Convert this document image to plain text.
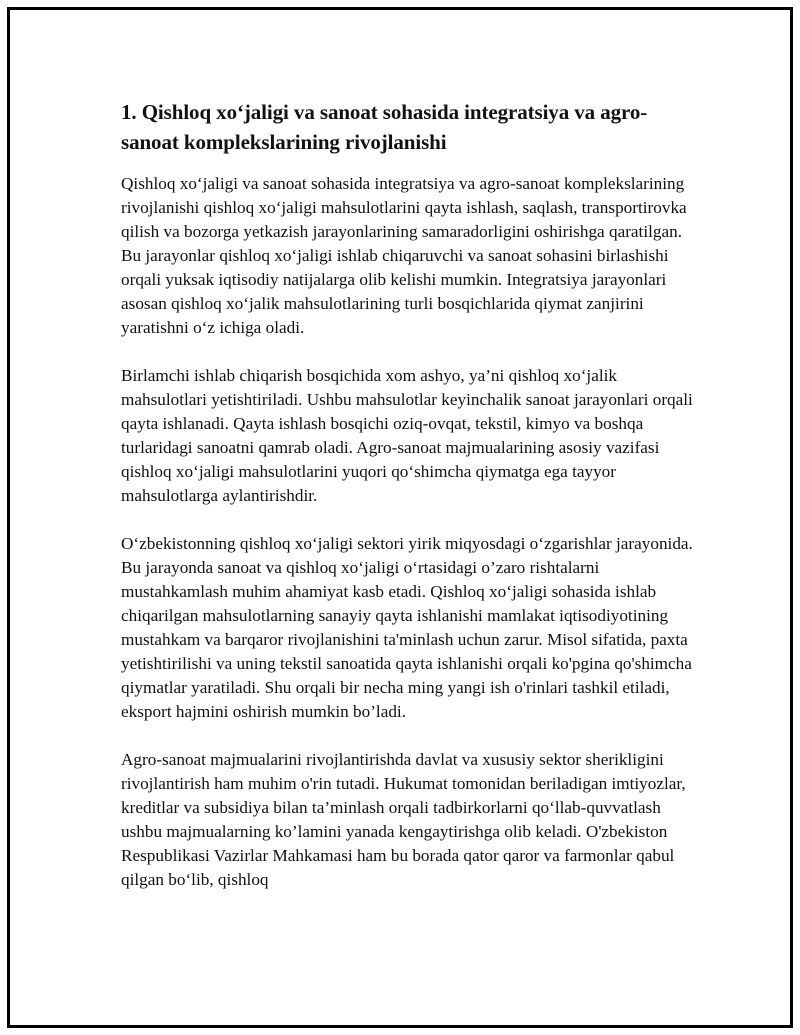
1. Qishloq xo‘jaligi va sanoat sohasida integratsiya va agro-sanoat komplekslarining rivojlanishi

Qishloq xo‘jaligi va sanoat sohasida integratsiya va agro-sanoat komplekslarining rivojlanishi qishloq xo‘jaligi mahsulotlarini qayta ishlash, saqlash, transportirovka qilish va bozorga yetkazish jarayonlarining samaradorligini oshirishga qaratilgan. Bu jarayonlar qishloq xo‘jaligi ishlab chiqaruvchi va sanoat sohasini birlashishi orqali yuksak iqtisodiy natijalarga olib kelishi mumkin. Integratsiya jarayonlari asosan qishloq xo‘jalik mahsulotlarining turli bosqichlarida qiymat zanjirini yaratishni o‘z ichiga oladi.

Birlamchi ishlab chiqarish bosqichida xom ashyo, ya’ni qishloq xo‘jalik mahsulotlari yetishtiriladi. Ushbu mahsulotlar keyinchalik sanoat jarayonlari orqali qayta ishlanadi. Qayta ishlash bosqichi oziq-ovqat, tekstil, kimyo va boshqa turlaridagi sanoatni qamrab oladi. Agro-sanoat majmualarining asosiy vazifasi qishloq xo‘jaligi mahsulotlarini yuqori qo‘shimcha qiymatga ega tayyor mahsulotlarga aylantirishdir.

O‘zbekistonning qishloq xo‘jaligi sektori yirik miqyosdagi o‘zgarishlar jarayonida. Bu jarayonda sanoat va qishloq xo‘jaligi o‘rtasidagi o’zaro rishtalarni mustahkamlash muhim ahamiyat kasb etadi. Qishloq xo‘jaligi sohasida ishlab chiqarilgan mahsulotlarning sanayiy qayta ishlanishi mamlakat iqtisodiyotining mustahkam va barqaror rivojlanishini ta'minlash uchun zarur. Misol sifatida, paxta yetishtirilishi va uning tekstil sanoatida qayta ishlanishi orqali ko'pgina qo'shimcha qiymatlar yaratiladi. Shu orqali bir necha ming yangi ish o'rinlari tashkil etiladi, eksport hajmini oshirish mumkin bo’ladi.

Agro-sanoat majmualarini rivojlantirishda davlat va xususiy sektor sherikligini rivojlantirish ham muhim o'rin tutadi. Hukumat tomonidan beriladigan imtiyozlar, kreditlar va subsidiya bilan ta’minlash orqali tadbirkorlarni qo‘llab-quvvatlash ushbu majmualarning ko’lamini yanada kengaytirishga olib keladi. O'zbekiston Respublikasi Vazirlar Mahkamasi ham bu borada qator qaror va farmonlar qabul qilgan bo‘lib, qishloq
